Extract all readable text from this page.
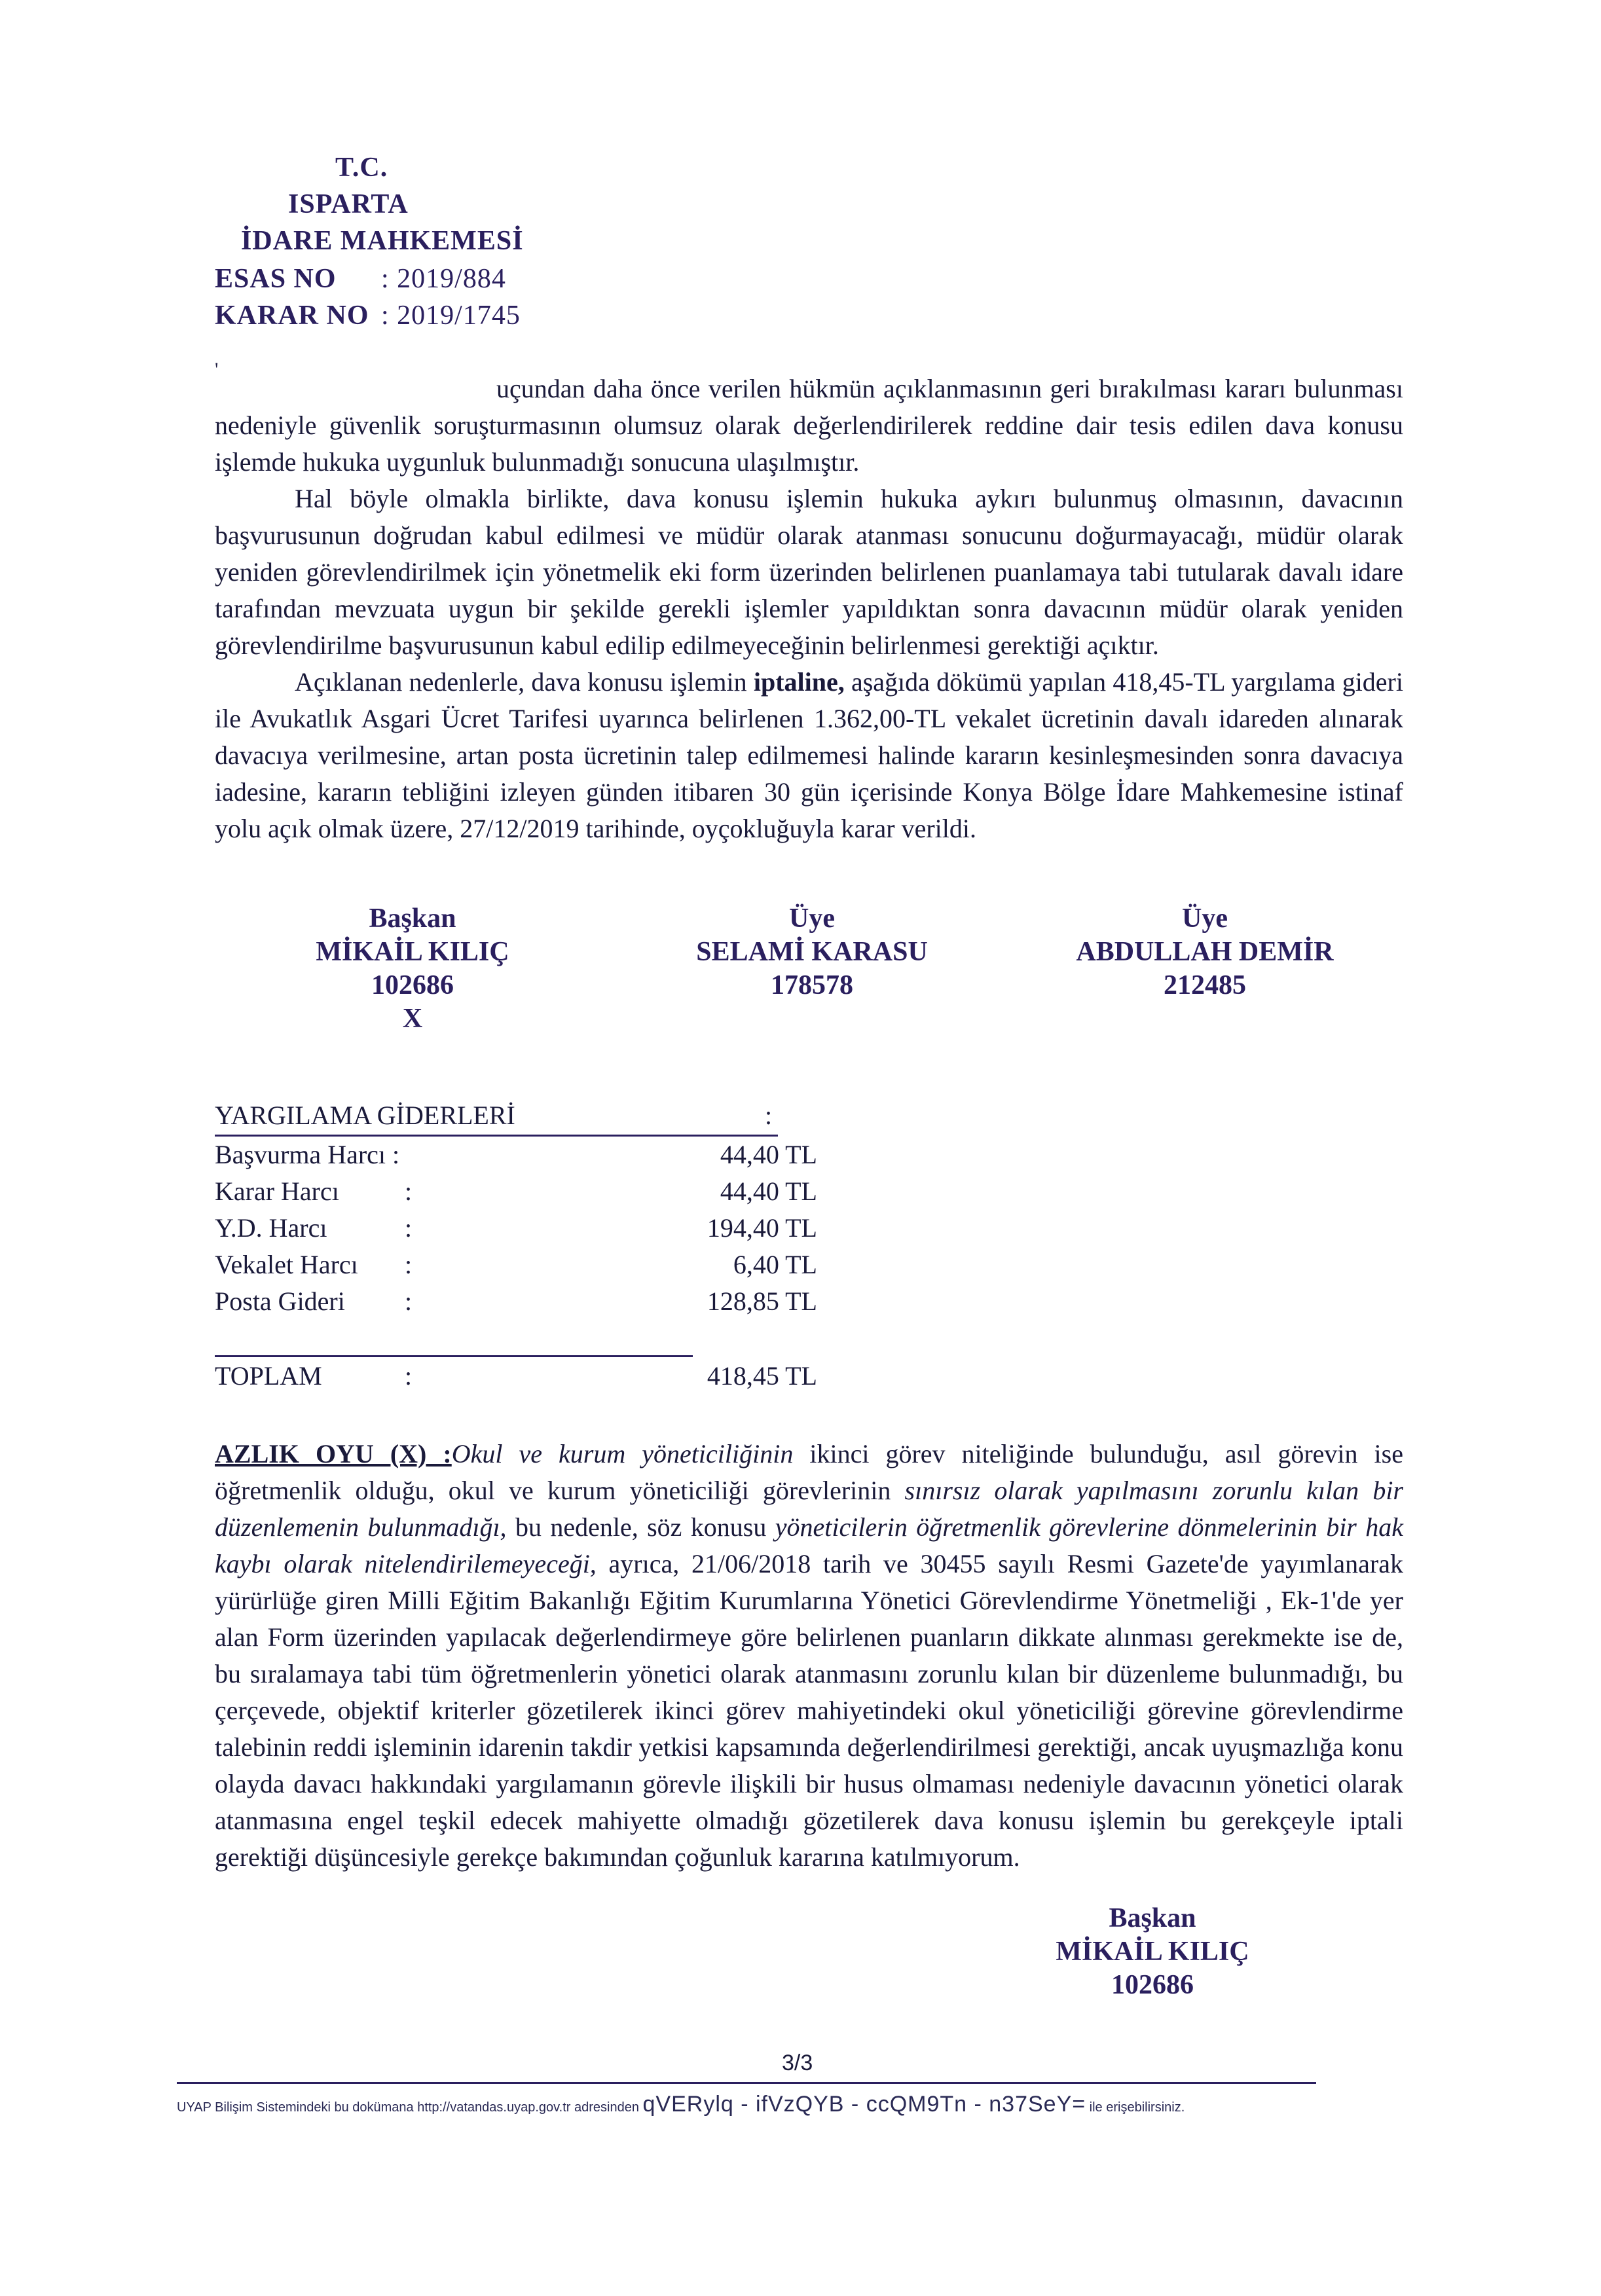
T.C.
ISPARTA
İDARE MAHKEMESİ
ESAS NO : 2019/884
KARAR NO : 2019/1745
'

uçundan daha önce verilen hükmün açıklanmasının geri bırakılması kararı bulunması nedeniyle güvenlik soruşturmasının olumsuz olarak değerlendirilerek reddine dair tesis edilen dava konusu işlemde hukuka uygunluk bulunmadığı sonucuna ulaşılmıştır.

Hal böyle olmakla birlikte, dava konusu işlemin hukuka aykırı bulunmuş olmasının, davacının başvurusunun doğrudan kabul edilmesi ve müdür olarak atanması sonucunu doğurmayacağı, müdür olarak yeniden görevlendirilmek için yönetmelik eki form üzerinden belirlenen puanlamaya tabi tutularak davalı idare tarafından mevzuata uygun bir şekilde gerekli işlemler yapıldıktan sonra davacının müdür olarak yeniden görevlendirilme başvurusunun kabul edilip edilmeyeceğinin belirlenmesi gerektiği açıktır.

Açıklanan nedenlerle, dava konusu işlemin iptaline, aşağıda dökümü yapılan 418,45-TL yargılama gideri ile Avukatlık Asgari Ücret Tarifesi uyarınca belirlenen 1.362,00-TL vekalet ücretinin davalı idareden alınarak davacıya verilmesine, artan posta ücretinin talep edilmemesi halinde kararın kesinleşmesinden sonra davacıya iadesine, kararın tebliğini izleyen günden itibaren 30 gün içerisinde Konya Bölge İdare Mahkemesine istinaf yolu açık olmak üzere, 27/12/2019 tarihinde, oyçokluğuyla karar verildi.

Başkan
MİKAİL KILIÇ
102686
X
Üye
SELAMİ KARASU
178578
Üye
ABDULLAH DEMİR
212485
YARGILAMA GİDERLERİ	:
Başvurma Harcı :	44,40 TL
Karar Harcı	:	44,40 TL
Y.D. Harcı	:	194,40 TL
Vekalet Harcı :	6,40 TL
Posta Gideri :	128,85 TL
TOPLAM	:	418,45 TL

AZLIK OYU (X) :Okul ve kurum yöneticiliğinin ikinci görev niteliğinde bulunduğu, asıl görevin ise öğretmenlik olduğu, okul ve kurum yöneticiliği görevlerinin sınırsız olarak yapılmasını zorunlu kılan bir düzenlemenin bulunmadığı, bu nedenle, söz konusu yöneticilerin öğretmenlik görevlerine dönmelerinin bir hak kaybı olarak nitelendirilemeyeceği, ayrıca, 21/06/2018 tarih ve 30455 sayılı Resmi Gazete'de yayımlanarak yürürlüğe giren Milli Eğitim Bakanlığı Eğitim Kurumlarına Yönetici Görevlendirme Yönetmeliği , Ek-1'de yer alan Form üzerinden yapılacak değerlendirmeye göre belirlenen puanların dikkate alınması gerekmekte ise de, bu sıralamaya tabi tüm öğretmenlerin yönetici olarak atanmasını zorunlu kılan bir düzenleme bulunmadığı, bu çerçevede, objektif kriterler gözetilerek ikinci görev mahiyetindeki okul yöneticiliği görevine görevlendirme talebinin reddi işleminin idarenin takdir yetkisi kapsamında değerlendirilmesi gerektiği, ancak uyuşmazlığa konu olayda davacı hakkındaki yargılamanın görevle ilişkili bir husus olmaması nedeniyle davacının yönetici olarak atanmasına engel teşkil edecek mahiyette olmadığı gözetilerek dava konusu işlemin bu gerekçeyle iptali gerektiği düşüncesiyle gerekçe bakımından çoğunluk kararına katılmıyorum.

Başkan
MİKAİL KILIÇ
102686
3/3
UYAP Bilişim Sistemindeki bu dokümana http://vatandas.uyap.gov.tr adresinden qVERylq - ifVzQYB - ccQM9Tn - n37SeY= ile erişebilirsiniz.
